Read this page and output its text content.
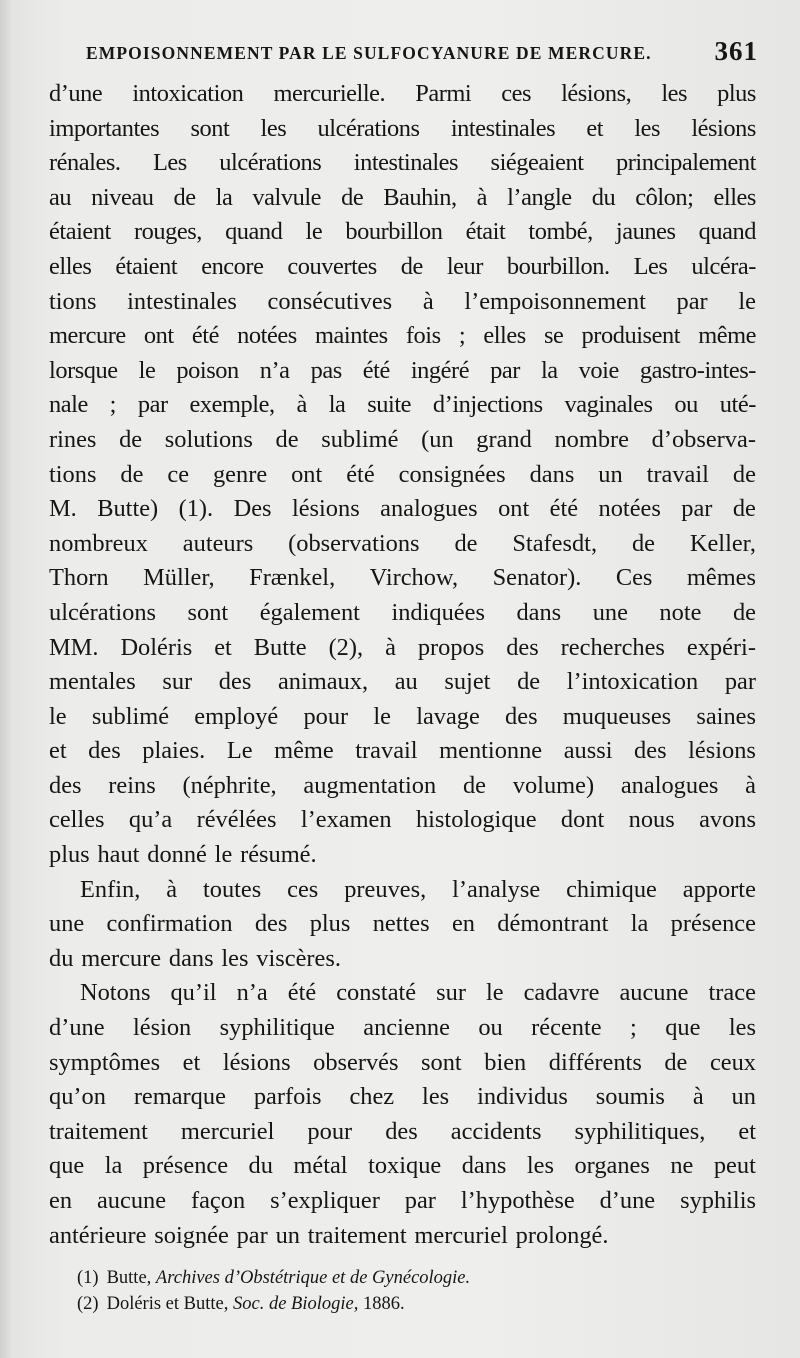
EMPOISONNEMENT PAR LE SULFOCYANURE DE MERCURE. 361
d’une intoxication mercurielle. Parmi ces lésions, les plus
importantes sont les ulcérations intestinales et les lésions
rénales. Les ulcérations intestinales siégeaient principalement
au niveau de la valvule de Bauhin, à l’angle du côlon; elles
étaient rouges, quand le bourbillon était tombé, jaunes quand
elles étaient encore couvertes de leur bourbillon. Les ulcéra-
tions intestinales consécutives à l’empoisonnement par le
mercure ont été notées maintes fois ; elles se produisent même
lorsque le poison n’a pas été ingéré par la voie gastro-intes-
nale ; par exemple, à la suite d’injections vaginales ou uté-
rines de solutions de sublimé (un grand nombre d’observa-
tions de ce genre ont été consignées dans un travail de
M. Butte) (1). Des lésions analogues ont été notées par de
nombreux auteurs (observations de Stafesdt, de Keller,
Thorn Müller, Frænkel, Virchow, Senator). Ces mêmes
ulcérations sont également indiquées dans une note de
MM. Doléris et Butte (2), à propos des recherches expéri-
mentales sur des animaux, au sujet de l’intoxication par
le sublimé employé pour le lavage des muqueuses saines
et des plaies. Le même travail mentionne aussi des lésions
des reins (néphrite, augmentation de volume) analogues à
celles qu’a révélées l’examen histologique dont nous avons
plus haut donné le résumé.
Enfin, à toutes ces preuves, l’analyse chimique apporte
une confirmation des plus nettes en démontrant la présence
du mercure dans les viscères.
Notons qu’il n’a été constaté sur le cadavre aucune trace
d’une lésion syphilitique ancienne ou récente ; que les
symptômes et lésions observés sont bien différents de ceux
qu’on remarque parfois chez les individus soumis à un
traitement mercuriel pour des accidents syphilitiques, et
que la présence du métal toxique dans les organes ne peut
en aucune façon s’expliquer par l’hypothèse d’une syphilis
antérieure soignée par un traitement mercuriel prolongé.
(1) Butte, Archives d’Obstétrique et de Gynécologie.
(2) Doléris et Butte, Soc. de Biologie, 1886.
